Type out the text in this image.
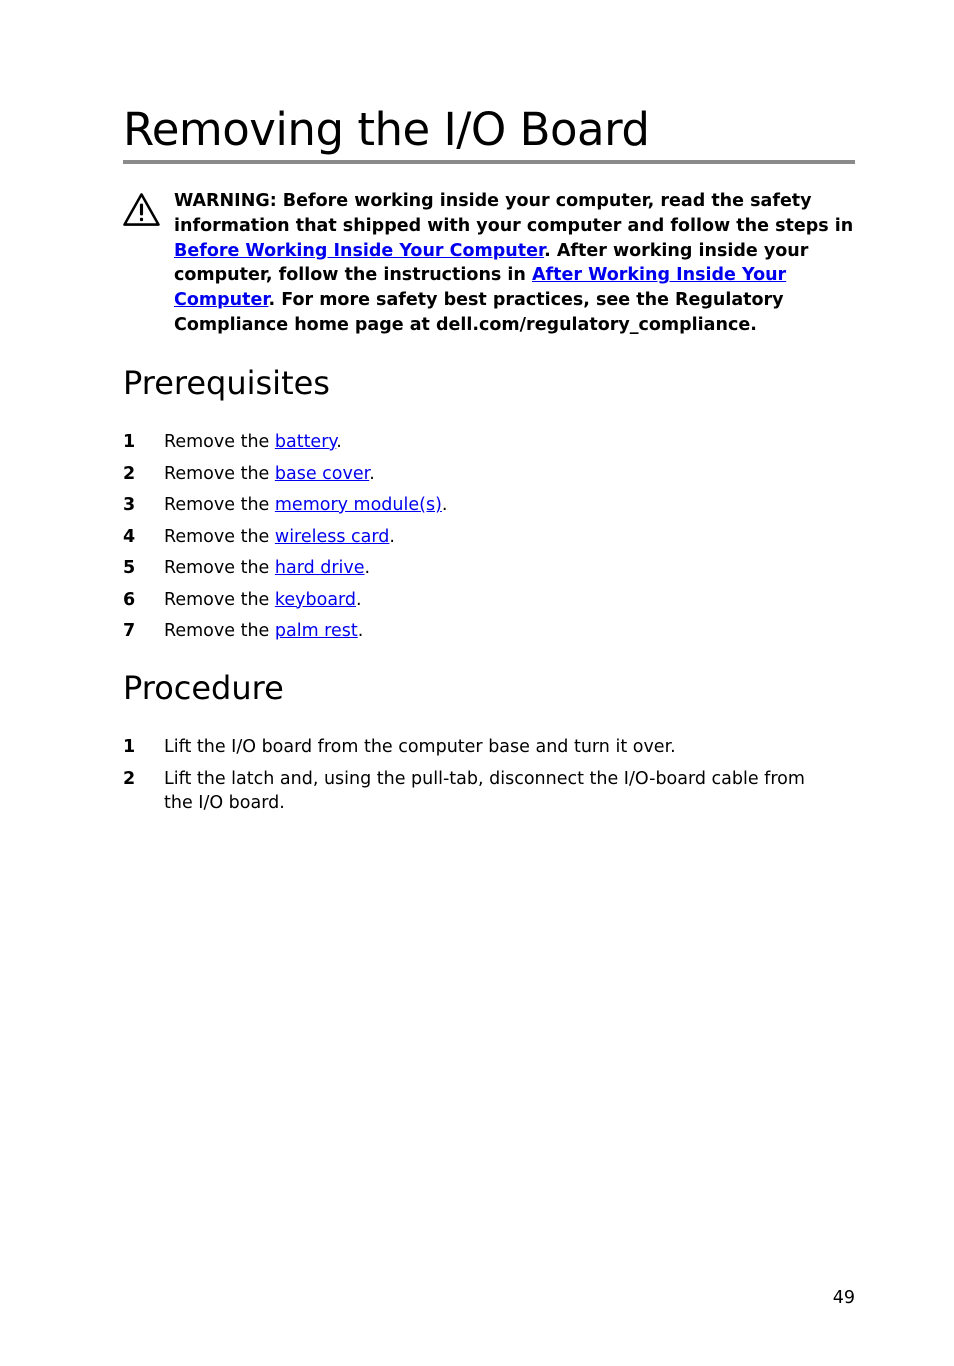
Removing the I/O Board

WARNING: Before working inside your computer, read the safety information that shipped with your computer and follow the steps in Before Working Inside Your Computer. After working inside your computer, follow the instructions in After Working Inside Your Computer. For more safety best practices, see the Regulatory Compliance home page at dell.com/regulatory_compliance.

Prerequisites
1 Remove the battery.
2 Remove the base cover.
3 Remove the memory module(s).
4 Remove the wireless card.
5 Remove the hard drive.
6 Remove the keyboard.
7 Remove the palm rest.
Procedure
1 Lift the I/O board from the computer base and turn it over.
2 Lift the latch and, using the pull-tab, disconnect the I/O-board cable from the I/O board.
49
